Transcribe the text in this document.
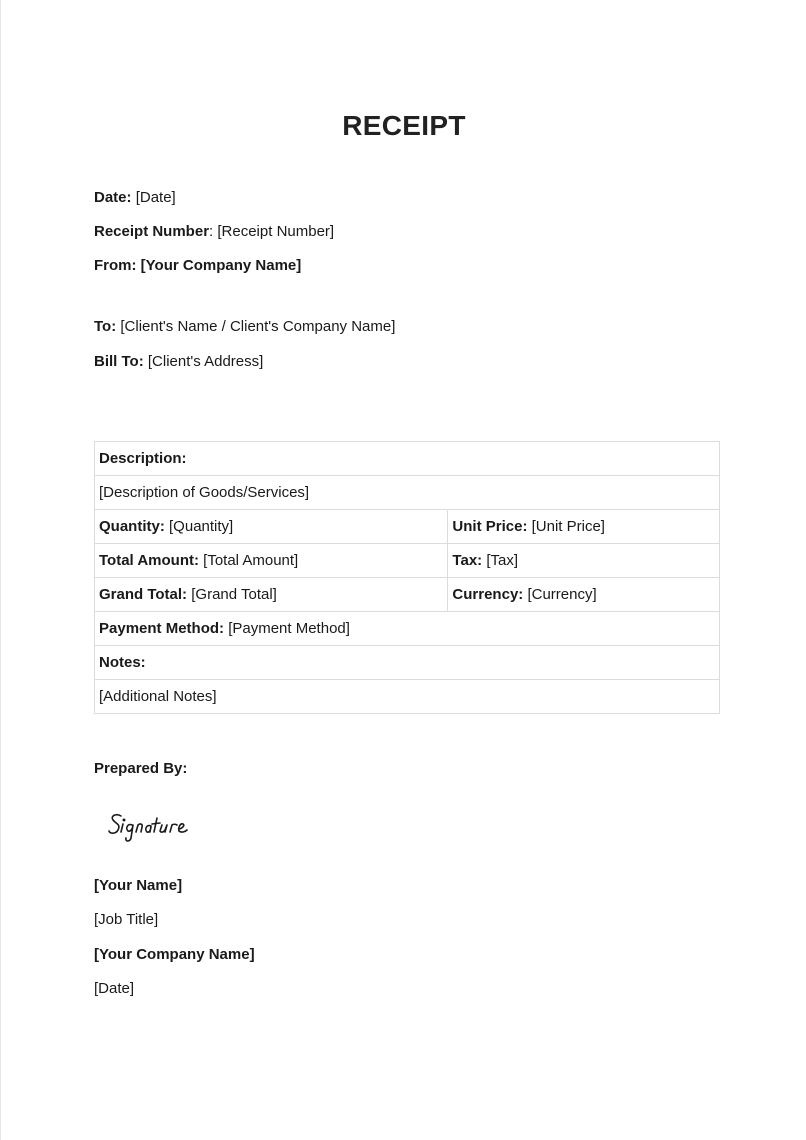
RECEIPT
Date: [Date]
Receipt Number: [Receipt Number]
From: [Your Company Name]
To: [Client's Name / Client's Company Name]
Bill To: [Client's Address]
Description:	
[Description of Goods/Services]	
Quantity: [Quantity]	Unit Price: [Unit Price]
Total Amount: [Total Amount]	Tax: [Tax]
Grand Total: [Grand Total]	Currency: [Currency]
Payment Method: [Payment Method]	
Notes:	
[Additional Notes]	
Prepared By:
[Your Name]
[Job Title]
[Your Company Name]
[Date]
